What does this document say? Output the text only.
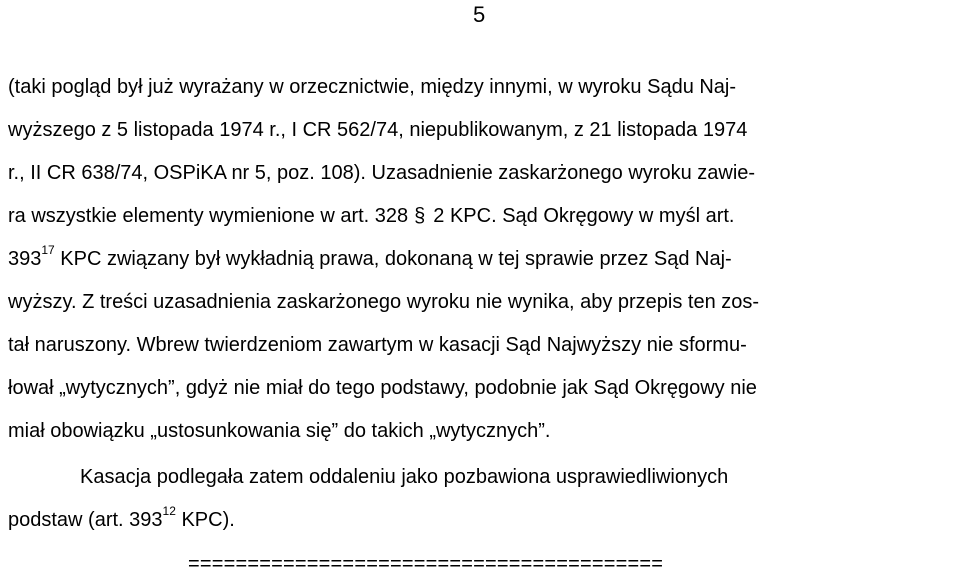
5
(taki pogląd był już wyrażany w orzecznictwie, między innymi, w wyroku Sądu Naj-
wyższego z 5 listopada 1974 r., I CR 562/74, niepublikowanym, z 21 listopada 1974
r., II CR 638/74, OSPiKA nr 5, poz. 108). Uzasadnienie zaskarżonego wyroku zawie-
ra wszystkie elementy wymienione w art. 328 § 2 KPC. Sąd Okręgowy w myśl art.
$393^{17}$ KPC związany był wykładnią prawa, dokonaną w tej sprawie przez Sąd Naj-
wyższy. Z treści uzasadnienia zaskarżonego wyroku nie wynika, aby przepis ten zos-
tał naruszony. Wbrew twierdzeniom zawartym w kasacji Sąd Najwyższy nie sformu-
łował „wytycznych”, gdyż nie miał do tego podstawy, podobnie jak Sąd Okręgowy nie
miał obowiązku „ustosunkowania się” do takich „wytycznych”.
Kasacja podlegała zatem oddaleniu jako pozbawiona usprawiedliwionych
podstaw (art. $393^{12}$ KPC).
========================================
